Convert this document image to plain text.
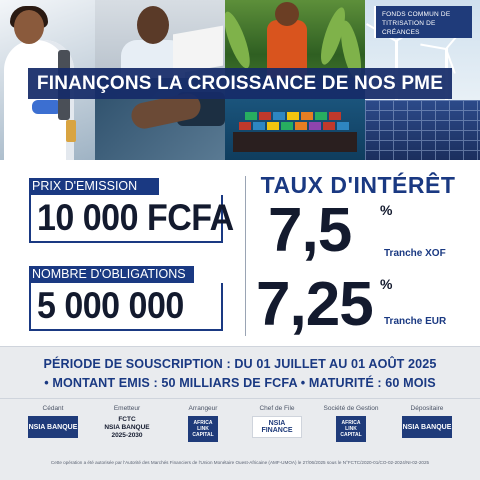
FONDS COMMUN DE
TITRISATION DE CRÉANCES
FINANÇONS LA CROISSANCE DE NOS PME
PRIX D'EMISSION
10 000 FCFA
NOMBRE D'OBLIGATIONS
5 000 000
TAUX D'INTÉRÊT
7,5 %
Tranche XOF
7,25 %
Tranche EUR
PÉRIODE DE SOUSCRIPTION : DU 01 JUILLET AU 01 AOÛT 2025
• MONTANT EMIS : 50 MILLIARS DE FCFA • MATURITÉ : 60 MOIS
Cédant
NSIA BANQUE
Emetteur
FCTC
NSIA BANQUE
2025-2030
Arrangeur
AFRICA LINK CAPITAL
Chef de File
NSIA FINANCE
Société de Gestion
AFRICA LINK CAPITAL
Dépositaire
NSIA BANQUE
Cette opération a été autorisée par l'Autorité des Marchés Financiers de l'Union Monétaire Ouest-Africaine (AMF-UMOA) le 27/06/2025 sous le N°FCTC/2020-01/CO-02-2024/NI-02-2025
